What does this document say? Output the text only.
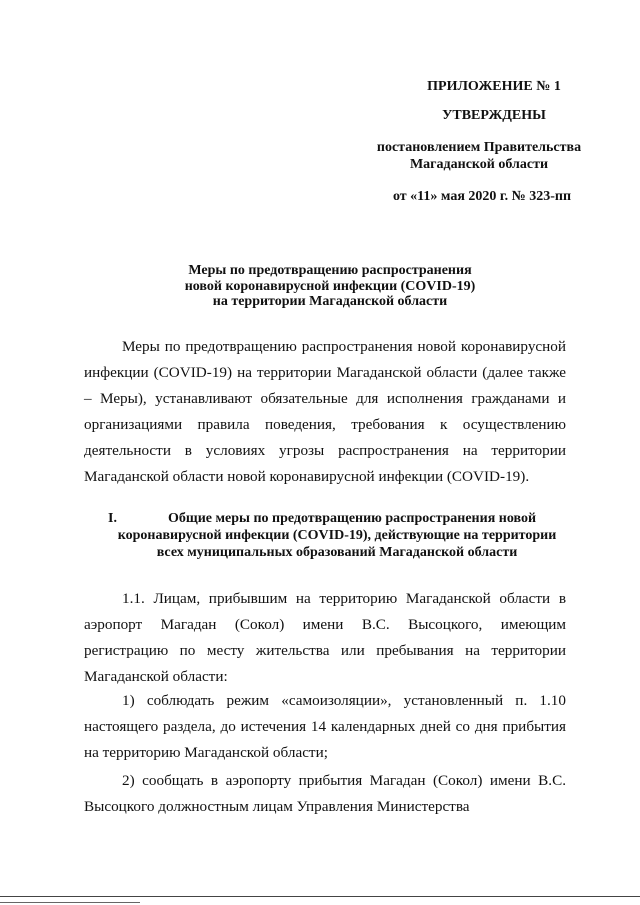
ПРИЛОЖЕНИЕ № 1
УТВЕРЖДЕНЫ
постановлением Правительства
Магаданской области
от «11» мая 2020 г. № 323-пп
Меры по предотвращению распространения
новой коронавирусной инфекции (COVID-19)
на территории Магаданской области
Меры по предотвращению распространения новой коронавирусной инфекции (COVID-19) на территории Магаданской области (далее также – Меры), устанавливают обязательные для исполнения гражданами и организациями правила поведения, требования к осуществлению деятельности в условиях угрозы распространения на территории Магаданской области новой коронавирусной инфекции (COVID-19).
I.	Общие меры по предотвращению распространения новой
коронавирусной инфекции (COVID-19), действующие на территории
всех муниципальных образований Магаданской области
1.1. Лицам, прибывшим на территорию Магаданской области в аэропорт Магадан (Сокол) имени В.С. Высоцкого, имеющим регистрацию по месту жительства или пребывания на территории Магаданской области:
1) соблюдать режим «самоизоляции», установленный п. 1.10 настоящего раздела, до истечения 14 календарных дней со дня прибытия на территорию Магаданской области;
2) сообщать в аэропорту прибытия Магадан (Сокол) имени В.С. Высоцкого должностным лицам Управления Министерства
